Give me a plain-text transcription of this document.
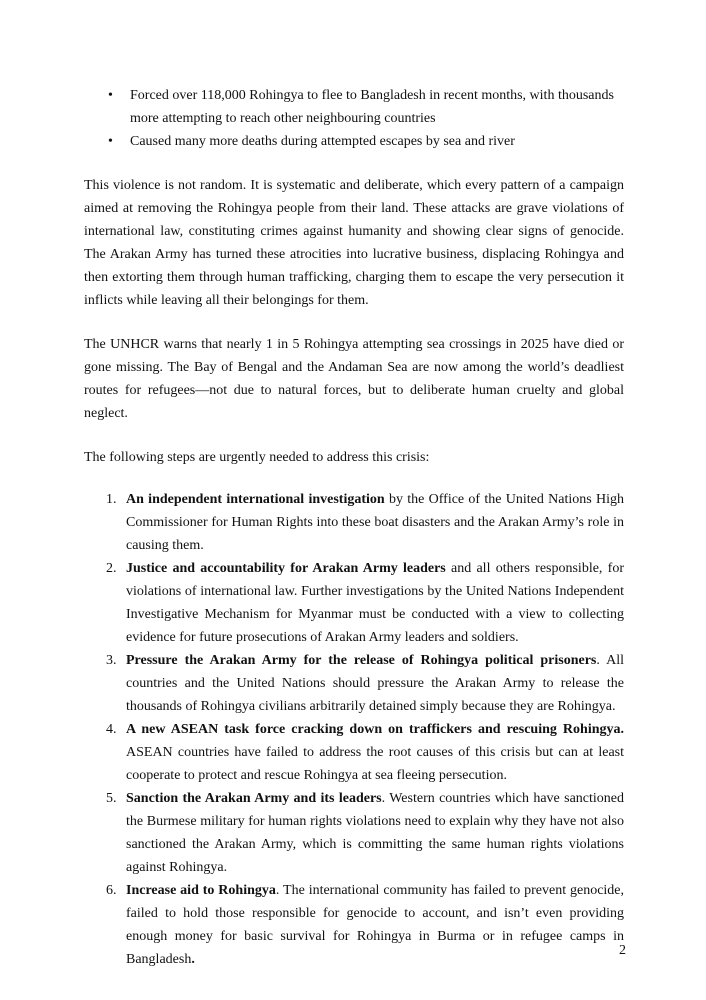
• Forced over 118,000 Rohingya to flee to Bangladesh in recent months, with thousands more attempting to reach other neighbouring countries
• Caused many more deaths during attempted escapes by sea and river

This violence is not random. It is systematic and deliberate, which every pattern of a campaign aimed at removing the Rohingya people from their land. These attacks are grave violations of international law, constituting crimes against humanity and showing clear signs of genocide. The Arakan Army has turned these atrocities into lucrative business, displacing Rohingya and then extorting them through human trafficking, charging them to escape the very persecution it inflicts while leaving all their belongings for them.

The UNHCR warns that nearly 1 in 5 Rohingya attempting sea crossings in 2025 have died or gone missing. The Bay of Bengal and the Andaman Sea are now among the world’s deadliest routes for refugees—not due to natural forces, but to deliberate human cruelty and global neglect.

The following steps are urgently needed to address this crisis:

1. An independent international investigation by the Office of the United Nations High Commissioner for Human Rights into these boat disasters and the Arakan Army’s role in causing them.
2. Justice and accountability for Arakan Army leaders and all others responsible, for violations of international law. Further investigations by the United Nations Independent Investigative Mechanism for Myanmar must be conducted with a view to collecting evidence for future prosecutions of Arakan Army leaders and soldiers.
3. Pressure the Arakan Army for the release of Rohingya political prisoners. All countries and the United Nations should pressure the Arakan Army to release the thousands of Rohingya civilians arbitrarily detained simply because they are Rohingya.
4. A new ASEAN task force cracking down on traffickers and rescuing Rohingya. ASEAN countries have failed to address the root causes of this crisis but can at least cooperate to protect and rescue Rohingya at sea fleeing persecution.
5. Sanction the Arakan Army and its leaders. Western countries which have sanctioned the Burmese military for human rights violations need to explain why they have not also sanctioned the Arakan Army, which is committing the same human rights violations against Rohingya.
6. Increase aid to Rohingya. The international community has failed to prevent genocide, failed to hold those responsible for genocide to account, and isn’t even providing enough money for basic survival for Rohingya in Burma or in refugee camps in Bangladesh.
2
